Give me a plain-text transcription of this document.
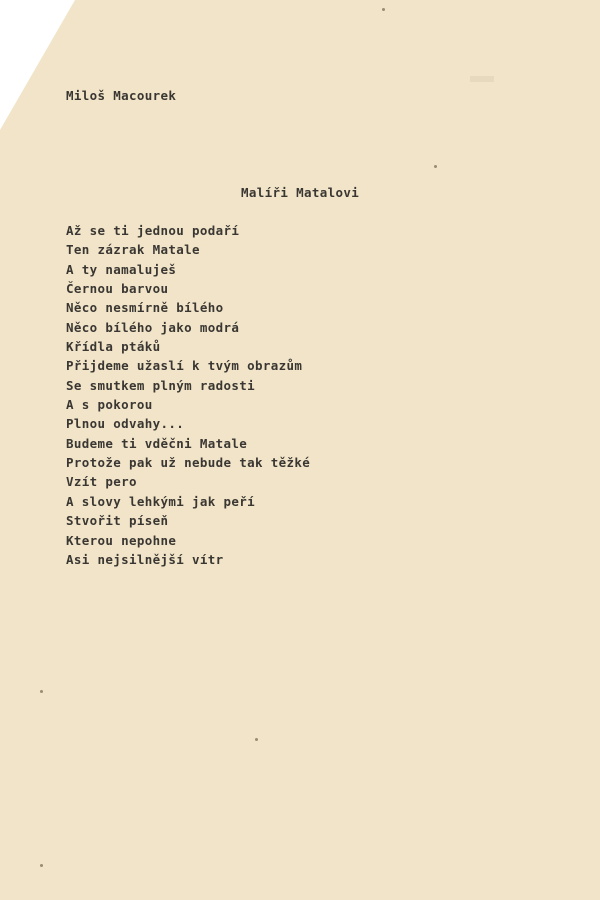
Miloš Macourek

Malíři Matalovi

Až se ti jednou podaří
Ten zázrak Matale
A ty namaluješ
Černou barvou
Něco nesmírně bílého
Něco bílého jako modrá
Křídla ptáků
Přijdeme užaslí k tvým obrazům
Se smutkem plným radosti
A s pokorou
Plnou odvahy...
Budeme ti vděčni Matale
Protože pak už nebude tak těžké
Vzít pero
A slovy lehkými jak peří
Stvořit píseň
Kterou nepohne
Asi nejsilnější vítr
